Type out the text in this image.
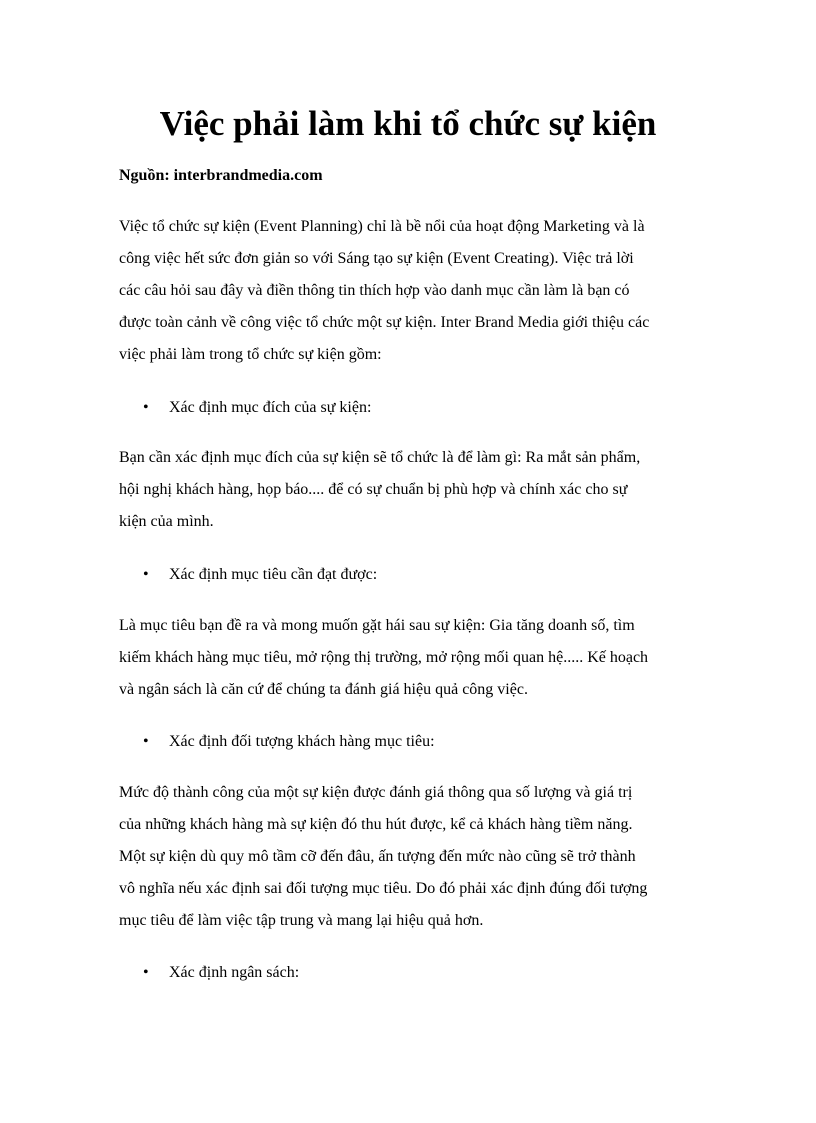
Việc phải làm khi tổ chức sự kiện

Nguồn: interbrandmedia.com

Việc tổ chức sự kiện (Event Planning) chỉ là bề nổi của hoạt động Marketing và là
công việc hết sức đơn giản so với Sáng tạo sự kiện (Event Creating). Việc trả lời
các câu hỏi sau đây và điền thông tin thích hợp vào danh mục cần làm là bạn có
được toàn cảnh về công việc tổ chức một sự kiện. Inter Brand Media giới thiệu các
việc phải làm trong tổ chức sự kiện gồm:

• Xác định mục đích của sự kiện:

Bạn cần xác định mục đích của sự kiện sẽ tổ chức là để làm gì: Ra mắt sản phẩm,
hội nghị khách hàng, họp báo.... để có sự chuẩn bị phù hợp và chính xác cho sự
kiện của mình.

• Xác định mục tiêu cần đạt được:

Là mục tiêu bạn đề ra và mong muốn gặt hái sau sự kiện: Gia tăng doanh số, tìm
kiếm khách hàng mục tiêu, mở rộng thị trường, mở rộng mối quan hệ..... Kế hoạch
và ngân sách là căn cứ để chúng ta đánh giá hiệu quả công việc.

• Xác định đối tượng khách hàng mục tiêu:

Mức độ thành công của một sự kiện được đánh giá thông qua số lượng và giá trị
của những khách hàng mà sự kiện đó thu hút được, kể cả khách hàng tiềm năng.
Một sự kiện dù quy mô tầm cỡ đến đâu, ấn tượng đến mức nào cũng sẽ trở thành
vô nghĩa nếu xác định sai đối tượng mục tiêu. Do đó phải xác định đúng đối tượng
mục tiêu để làm việc tập trung và mang lại hiệu quả hơn.

• Xác định ngân sách:
